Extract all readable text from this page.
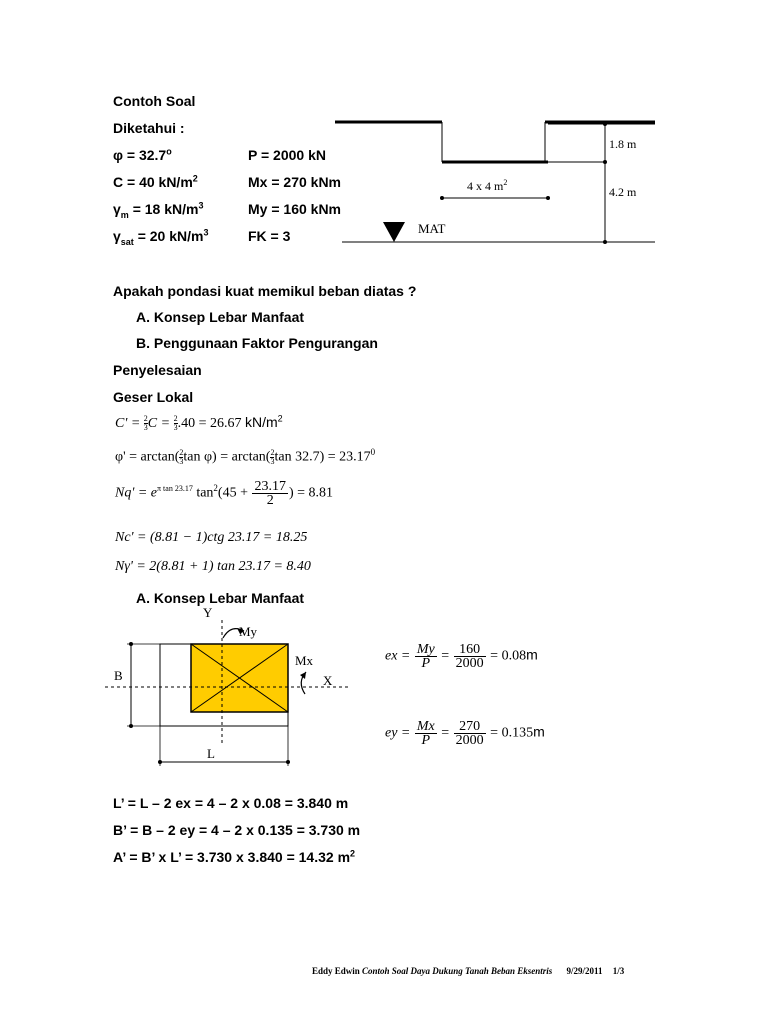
Contoh Soal
Diketahui :
$\varphi = 32.7^o$
C = 40 $kN/m^2$
$\gamma_m = 18$ $kN/m^3$
$\gamma_{sat} = 20$ $kN/m^3$
P = 2000 kN
Mx = 270 kNm
My = 160 kNm
FK = 3
4 x 4 $m^2$
1.8 m
4.2 m
MAT
Apakah pondasi kuat memikul beban diatas ?
A. Konsep Lebar Manfaat
B. Penggunaan Faktor Pengurangan
Penyelesaian
Geser Lokal
$C' = \frac{2}{3}$ $C = \frac{2}{3} .40 = 26.67$ $kN/m^2$
$\varphi' = \arctan( \frac{2}{3}$ $\tan \varphi) = \arctan( \frac{2}{3}$ $\tan 32.7) = 23.17^0$
$Nq' = e^{\pi tan 23.17}$ $\tan^2(45 + \frac{23.17}{2}$ ) = 8.81
Nc' = (8.81 − 1)ctg 23.17 = 18.25
Nγ' = 2(8.81 + 1) tan 23.17 = 8.40
A. Konsep Lebar Manfaat
Y
X
My
Mx
B
L
ex = $\frac{My}{P} = \frac{160}{2000} = 0.08m$
ey = $\frac{Mx}{P} = \frac{270}{2000} = 0.135m$
L’ = L – 2 ex = 4 – 2 x 0.08 = 3.840 m
B’ = B – 2 ey = 4 – 2 x 0.135 = 3.730 m
A’ = B’ x L’ = 3.730 x 3.840 = 14.32 $m^2$
Eddy Edwin Contoh Soal Daya Dukung Tanah Beban Eksentris 9/29/2011 1/3
